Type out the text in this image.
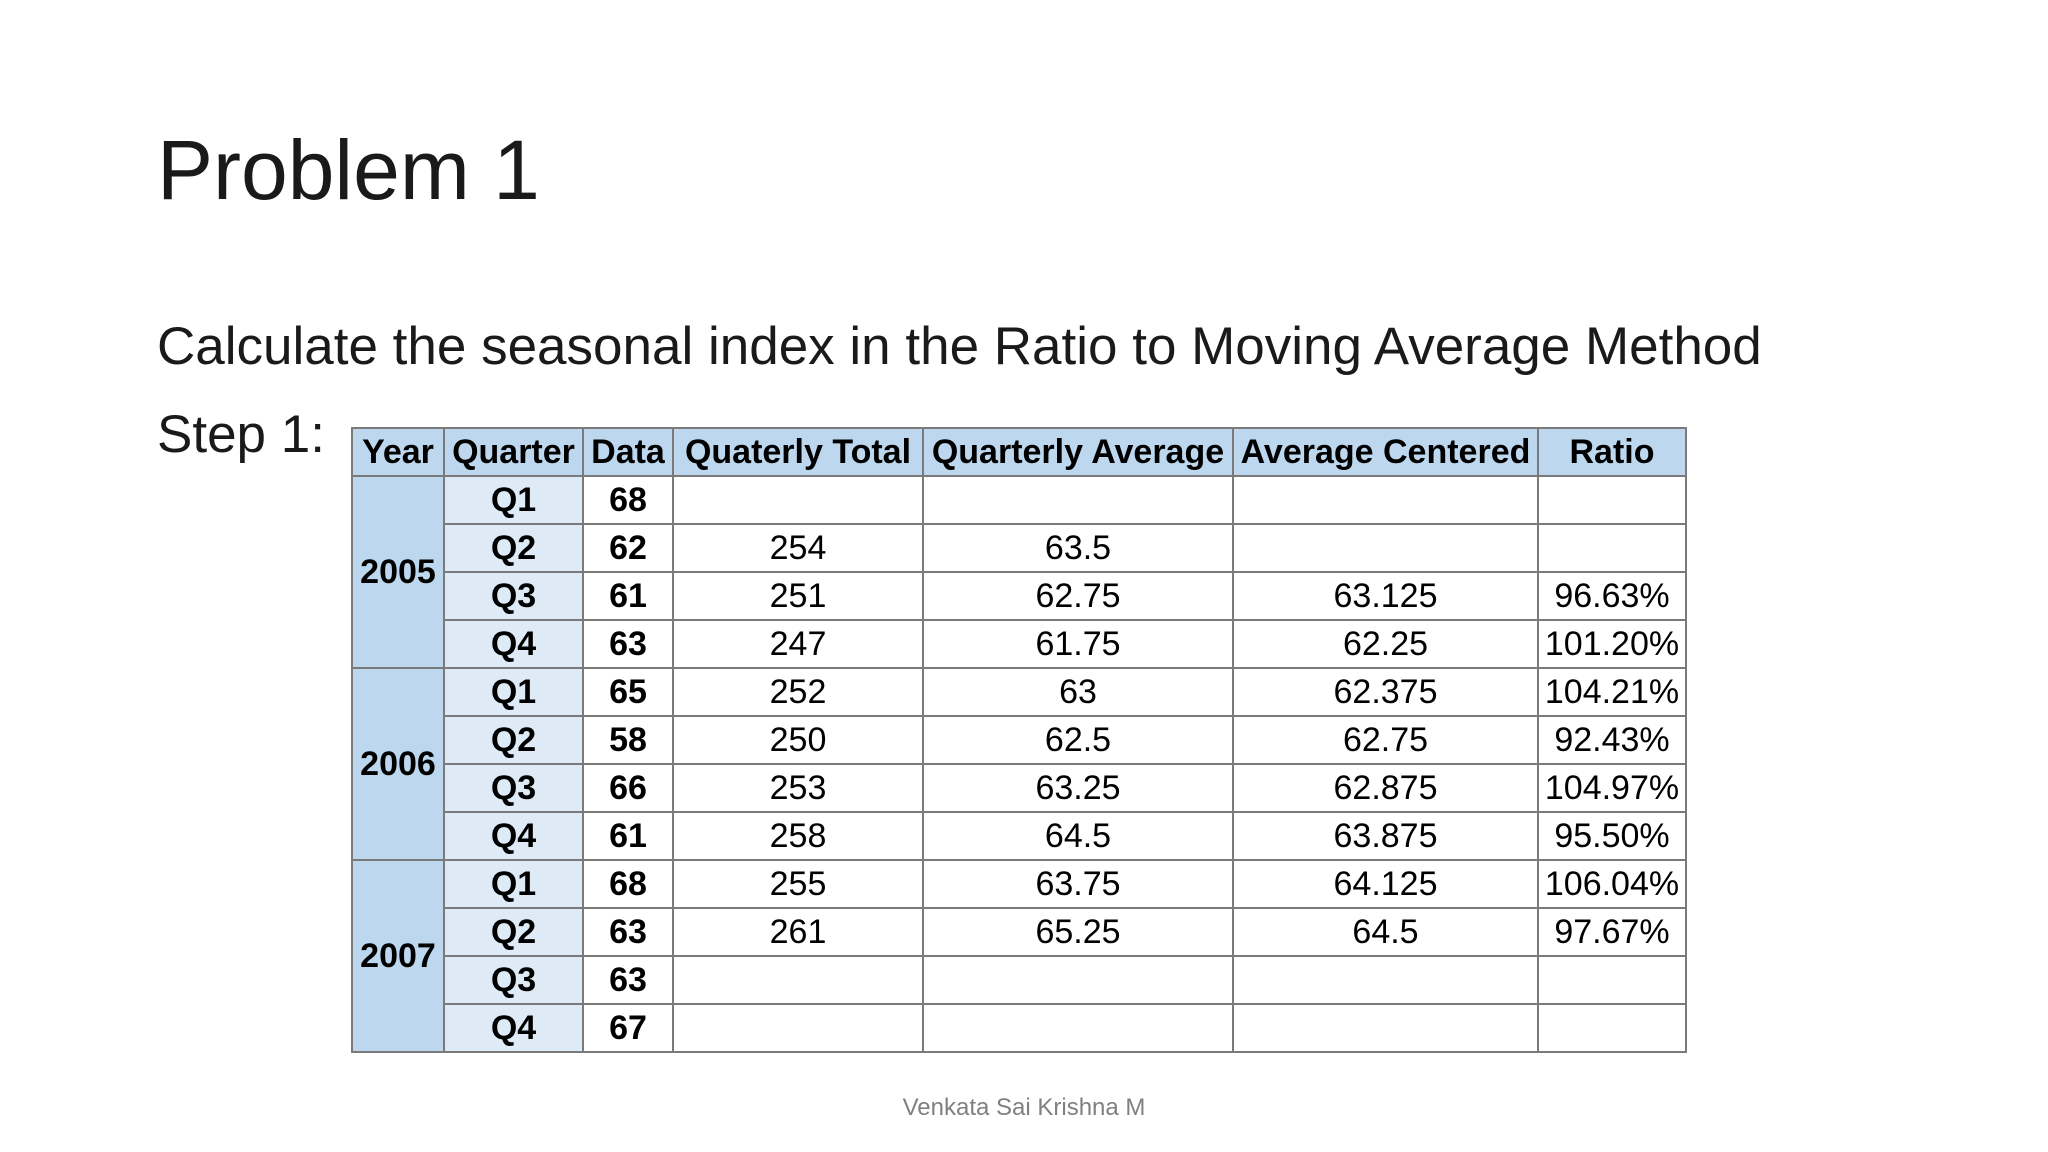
Problem 1
Calculate the seasonal index in the Ratio to Moving Average Method
Step 1: Year	Quarter	Data	Quaterly Total	Quarterly Average	Average Centered	Ratio
2005	Q1	68				
	Q2	62	254	63.5		
	Q3	61	251	62.75	63.125	96.63%
	Q4	63	247	61.75	62.25	101.20%
2006	Q1	65	252	63	62.375	104.21%
	Q2	58	250	62.5	62.75	92.43%
	Q3	66	253	63.25	62.875	104.97%
	Q4	61	258	64.5	63.875	95.50%
2007	Q1	68	255	63.75	64.125	106.04%
	Q2	63	261	65.25	64.5	97.67%
	Q3	63				
	Q4	67				
Venkata Sai Krishna M
